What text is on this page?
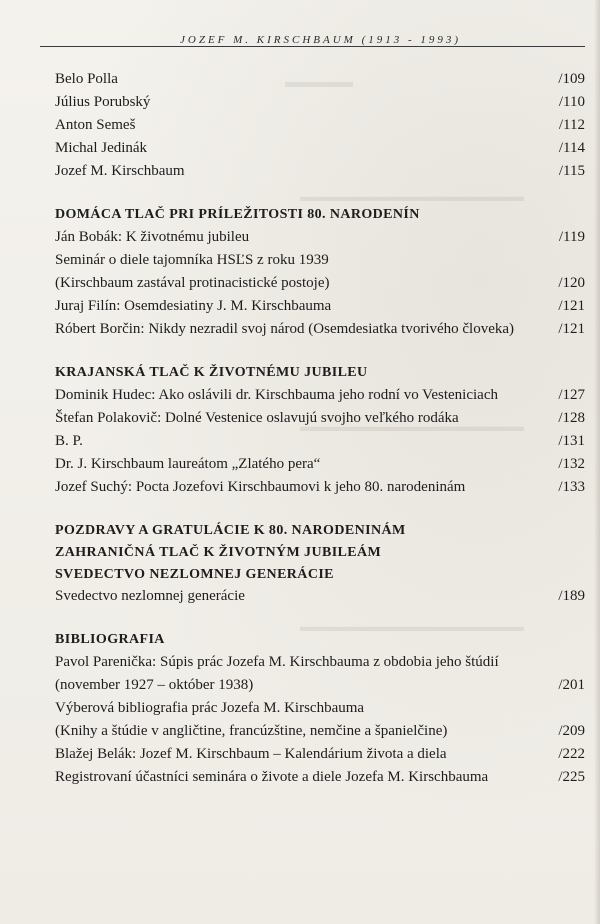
▬▬▬▬
▬▬▬▬▬▬▬▬▬▬▬▬▬▬▬▬
▬▬▬▬▬▬▬▬▬▬▬▬▬▬▬▬
▬▬▬▬▬▬▬▬▬▬▬▬▬▬▬▬
JOZEF M. KIRSCHBAUM (1913 - 1993)
Belo Polla	/109
Július Porubský	/110
Anton Semeš	/112
Michal Jedinák	/114
Jozef M. Kirschbaum	/115
DOMÁCA TLAČ PRI PRÍLEŽITOSTI 80. NARODENÍN
Ján Bobák: K životnému jubileu	/119
Seminár o diele tajomníka HSĽS z roku 1939
(Kirschbaum zastával protinacistické postoje)	/120
Juraj Filín: Osemdesiatiny J. M. Kirschbauma	/121
Róbert Borčin: Nikdy nezradil svoj národ (Osemdesiatka tvorivého človeka)	/121
KRAJANSKÁ TLAČ K ŽIVOTNÉMU JUBILEU
Dominik Hudec: Ako oslávili dr. Kirschbauma jeho rodní vo Vesteniciach	/127
Štefan Polakovič: Dolné Vestenice oslavujú svojho veľkého rodáka	/128
B. P.	/131
Dr. J. Kirschbaum laureátom „Zlatého pera“	/132
Jozef Suchý: Pocta Jozefovi Kirschbaumovi k jeho 80. narodeninám	/133
POZDRAVY A GRATULÁCIE K 80. NARODENINÁM
ZAHRANIČNÁ TLAČ K ŽIVOTNÝM JUBILEÁM
SVEDECTVO NEZLOMNEJ GENERÁCIE
Svedectvo nezlomnej generácie	/189
BIBLIOGRAFIA
Pavol Parenička: Súpis prác Jozefa M. Kirschbauma z obdobia jeho štúdií
(november 1927 – október 1938)	/201
Výberová bibliografia prác Jozefa M. Kirschbauma
(Knihy a štúdie v angličtine, francúzštine, nemčine a španielčine)	/209
Blažej Belák: Jozef M. Kirschbaum – Kalendárium života a diela	/222
Registrovaní účastníci seminára o živote a diele Jozefa M. Kirschbauma	/225
